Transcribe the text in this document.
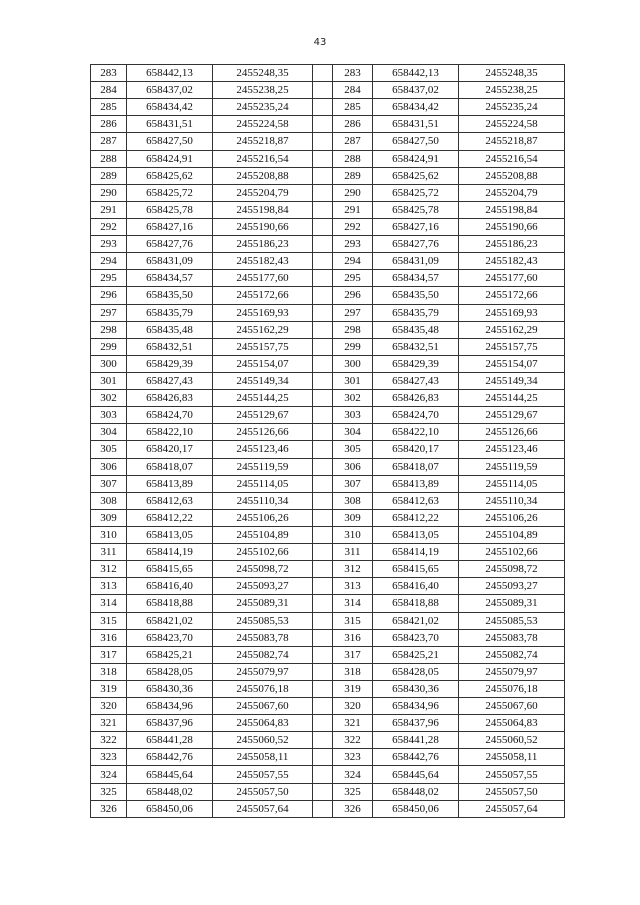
43
283	658442,13	2455248,35		283	658442,13	2455248,35
284	658437,02	2455238,25		284	658437,02	2455238,25
285	658434,42	2455235,24		285	658434,42	2455235,24
286	658431,51	2455224,58		286	658431,51	2455224,58
287	658427,50	2455218,87		287	658427,50	2455218,87
288	658424,91	2455216,54		288	658424,91	2455216,54
289	658425,62	2455208,88		289	658425,62	2455208,88
290	658425,72	2455204,79		290	658425,72	2455204,79
291	658425,78	2455198,84		291	658425,78	2455198,84
292	658427,16	2455190,66		292	658427,16	2455190,66
293	658427,76	2455186,23		293	658427,76	2455186,23
294	658431,09	2455182,43		294	658431,09	2455182,43
295	658434,57	2455177,60		295	658434,57	2455177,60
296	658435,50	2455172,66		296	658435,50	2455172,66
297	658435,79	2455169,93		297	658435,79	2455169,93
298	658435,48	2455162,29		298	658435,48	2455162,29
299	658432,51	2455157,75		299	658432,51	2455157,75
300	658429,39	2455154,07		300	658429,39	2455154,07
301	658427,43	2455149,34		301	658427,43	2455149,34
302	658426,83	2455144,25		302	658426,83	2455144,25
303	658424,70	2455129,67		303	658424,70	2455129,67
304	658422,10	2455126,66		304	658422,10	2455126,66
305	658420,17	2455123,46		305	658420,17	2455123,46
306	658418,07	2455119,59		306	658418,07	2455119,59
307	658413,89	2455114,05		307	658413,89	2455114,05
308	658412,63	2455110,34		308	658412,63	2455110,34
309	658412,22	2455106,26		309	658412,22	2455106,26
310	658413,05	2455104,89		310	658413,05	2455104,89
311	658414,19	2455102,66		311	658414,19	2455102,66
312	658415,65	2455098,72		312	658415,65	2455098,72
313	658416,40	2455093,27		313	658416,40	2455093,27
314	658418,88	2455089,31		314	658418,88	2455089,31
315	658421,02	2455085,53		315	658421,02	2455085,53
316	658423,70	2455083,78		316	658423,70	2455083,78
317	658425,21	2455082,74		317	658425,21	2455082,74
318	658428,05	2455079,97		318	658428,05	2455079,97
319	658430,36	2455076,18		319	658430,36	2455076,18
320	658434,96	2455067,60		320	658434,96	2455067,60
321	658437,96	2455064,83		321	658437,96	2455064,83
322	658441,28	2455060,52		322	658441,28	2455060,52
323	658442,76	2455058,11		323	658442,76	2455058,11
324	658445,64	2455057,55		324	658445,64	2455057,55
325	658448,02	2455057,50		325	658448,02	2455057,50
326	658450,06	2455057,64		326	658450,06	2455057,64
